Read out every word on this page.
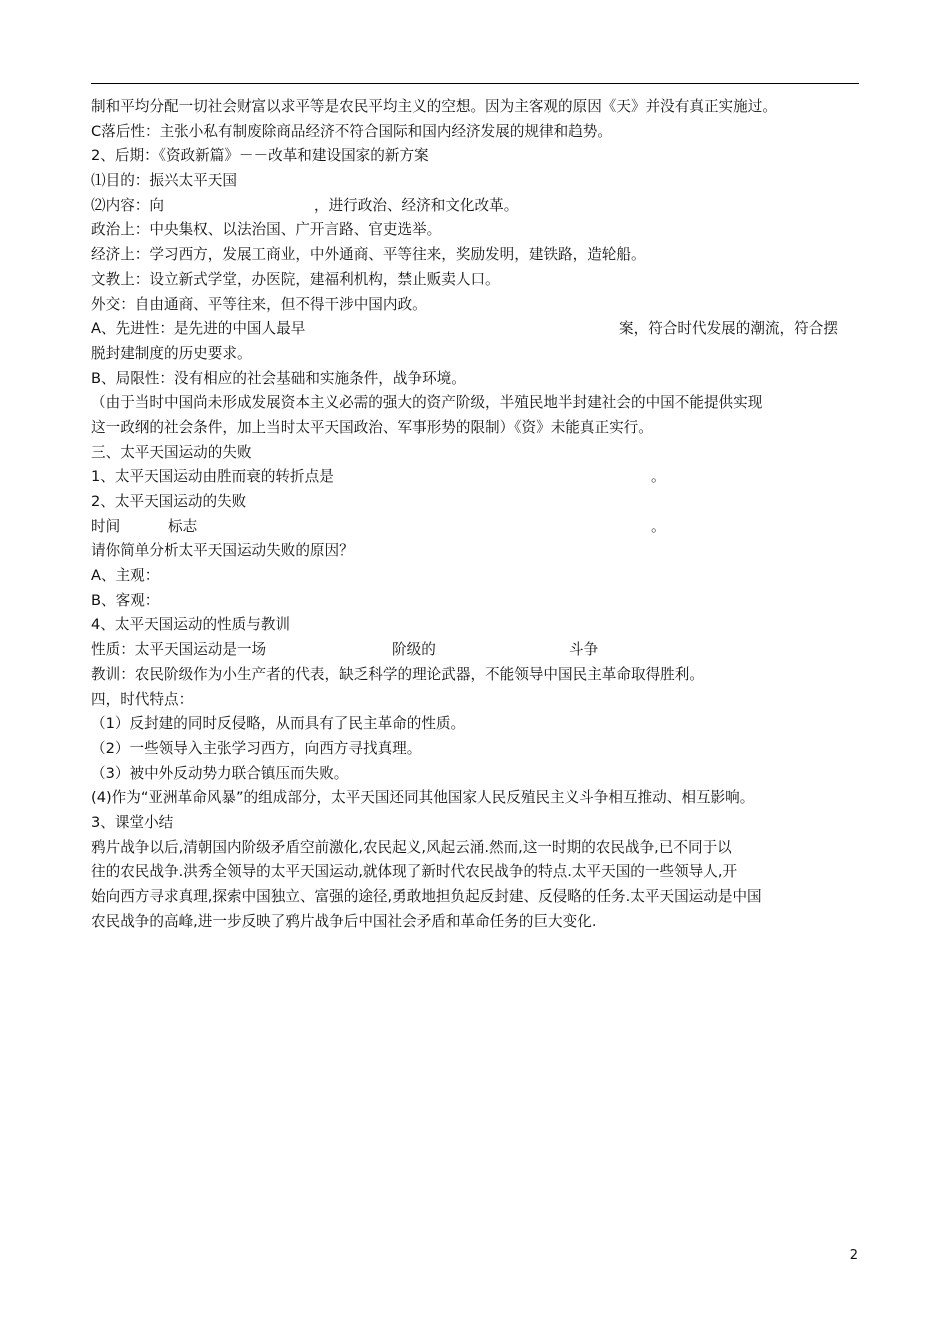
制和平均分配一切社会财富以求平等是农民平均主义的空想。因为主客观的原因《天》并没有真正实施过。
C落后性：主张小私有制废除商品经济不符合国际和国内经济发展的规律和趋势。
2、后期：《资政新篇》－－改革和建设国家的新方案
⑴目的：振兴太平天国
⑵内容：向	，进行政治、经济和文化改革。
政治上：中央集权、以法治国、广开言路、官吏选举。
经济上：学习西方，发展工商业，中外通商、平等往来，奖励发明，建铁路，造轮船。
文教上：设立新式学堂，办医院，建福利机构，禁止贩卖人口。
外交：自由通商、平等往来，但不得干涉中国内政。
A、先进性：是先进的中国人最早	案，符合时代发展的潮流，符合摆
脱封建制度的历史要求。
B、局限性：没有相应的社会基础和实施条件，战争环境。
（由于当时中国尚未形成发展资本主义必需的强大的资产阶级，半殖民地半封建社会的中国不能提供实现
这一政纲的社会条件，加上当时太平天国政治、军事形势的限制）《资》未能真正实行。
三、太平天国运动的失败
1、太平天国运动由胜而衰的转折点是	。
2、太平天国运动的失败
时间	标志	。
请你简单分析太平天国运动失败的原因？
A、主观：
B、客观：
4、太平天国运动的性质与教训
性质：太平天国运动是一场	阶级的	斗争
教训：农民阶级作为小生产者的代表，缺乏科学的理论武器，不能领导中国民主革命取得胜利。
四，时代特点：
（1）反封建的同时反侵略，从而具有了民主革命的性质。
（2）一些领导入主张学习西方，向西方寻找真理。
（3）被中外反动势力联合镇压而失败。
(4)作为“亚洲革命风暴”的组成部分，太平天国还同其他国家人民反殖民主义斗争相互推动、相互影响。
3、课堂小结
鸦片战争以后,清朝国内阶级矛盾空前激化,农民起义,风起云涌.然而,这一时期的农民战争,已不同于以
往的农民战争.洪秀全领导的太平天国运动,就体现了新时代农民战争的特点.太平天国的一些领导人,开
始向西方寻求真理,探索中国独立、富强的途径,勇敢地担负起反封建、反侵略的任务.太平天国运动是中国
农民战争的高峰,进一步反映了鸦片战争后中国社会矛盾和革命任务的巨大变化.
2
